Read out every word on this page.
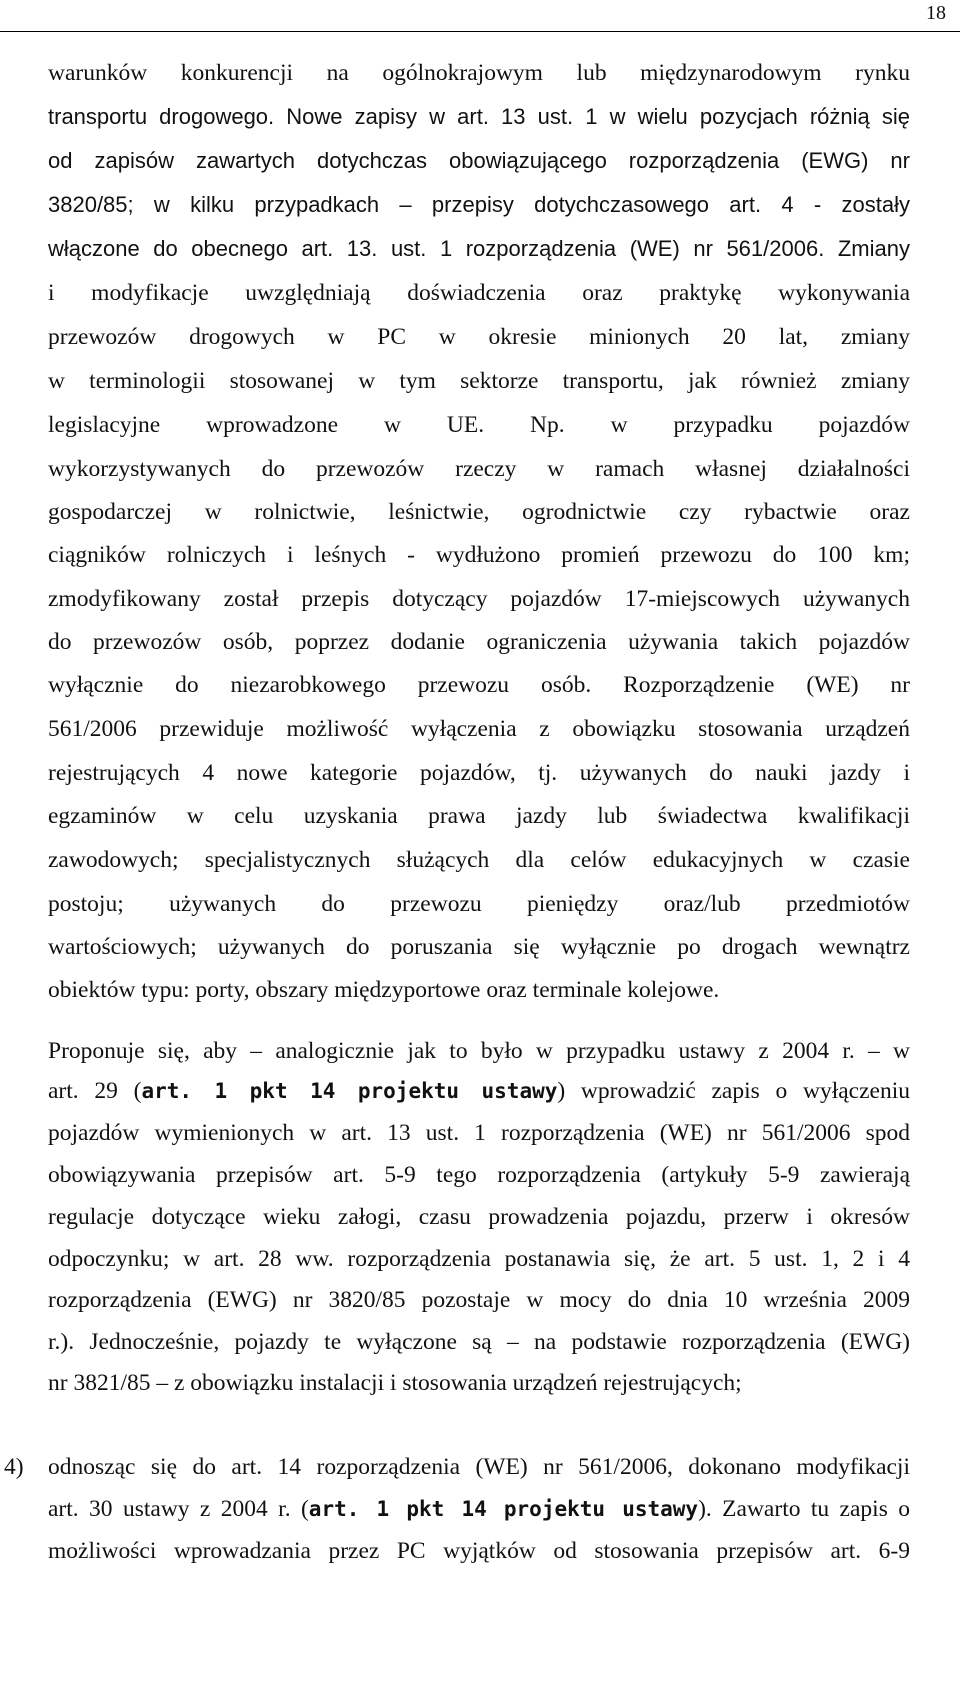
18
warunków konkurencji na ogólnokrajowym lub międzynarodowym rynku
transportu drogowego. Nowe zapisy w art. 13 ust. 1 w wielu pozycjach różnią się
od zapisów zawartych dotychczas obowiązującego rozporządzenia (EWG) nr
3820/85; w kilku przypadkach – przepisy dotychczasowego art. 4 - zostały
włączone do obecnego art. 13. ust. 1 rozporządzenia (WE) nr 561/2006. Zmiany
i modyfikacje uwzględniają doświadczenia oraz praktykę wykonywania
przewozów drogowych w PC w okresie minionych 20 lat, zmiany
w terminologii stosowanej w tym sektorze transportu, jak również zmiany
legislacyjne wprowadzone w UE. Np. w przypadku pojazdów
wykorzystywanych do przewozów rzeczy w ramach własnej działalności
gospodarczej w rolnictwie, leśnictwie, ogrodnictwie czy rybactwie oraz
ciągników rolniczych i leśnych - wydłużono promień przewozu do 100 km;
zmodyfikowany został przepis dotyczący pojazdów 17-miejscowych używanych
do przewozów osób, poprzez dodanie ograniczenia używania takich pojazdów
wyłącznie do niezarobkowego przewozu osób. Rozporządzenie (WE) nr
561/2006 przewiduje możliwość wyłączenia z obowiązku stosowania urządzeń
rejestrujących 4 nowe kategorie pojazdów, tj. używanych do nauki jazdy i
egzaminów w celu uzyskania prawa jazdy lub świadectwa kwalifikacji
zawodowych; specjalistycznych służących dla celów edukacyjnych w czasie
postoju; używanych do przewozu pieniędzy oraz/lub przedmiotów
wartościowych; używanych do poruszania się wyłącznie po drogach wewnątrz
obiektów typu: porty, obszary międzyportowe oraz terminale kolejowe.
Proponuje się, aby – analogicznie jak to było w przypadku ustawy z 2004 r. – w
art. 29 (art. 1 pkt 14 projektu ustawy) wprowadzić zapis o wyłączeniu
pojazdów wymienionych w art. 13 ust. 1 rozporządzenia (WE) nr 561/2006 spod
obowiązywania przepisów art. 5-9 tego rozporządzenia (artykuły 5-9 zawierają
regulacje dotyczące wieku załogi, czasu prowadzenia pojazdu, przerw i okresów
odpoczynku; w art. 28 ww. rozporządzenia postanawia się, że art. 5 ust. 1, 2 i 4
rozporządzenia (EWG) nr 3820/85 pozostaje w mocy do dnia 10 września 2009
r.). Jednocześnie, pojazdy te wyłączone są – na podstawie rozporządzenia (EWG)
nr 3821/85 – z obowiązku instalacji i stosowania urządzeń rejestrujących;
4) odnosząc się do art. 14 rozporządzenia (WE) nr 561/2006, dokonano modyfikacji
art. 30 ustawy z 2004 r. (art. 1 pkt 14 projektu ustawy). Zawarto tu zapis o
możliwości wprowadzania przez PC wyjątków od stosowania przepisów art. 6-9
